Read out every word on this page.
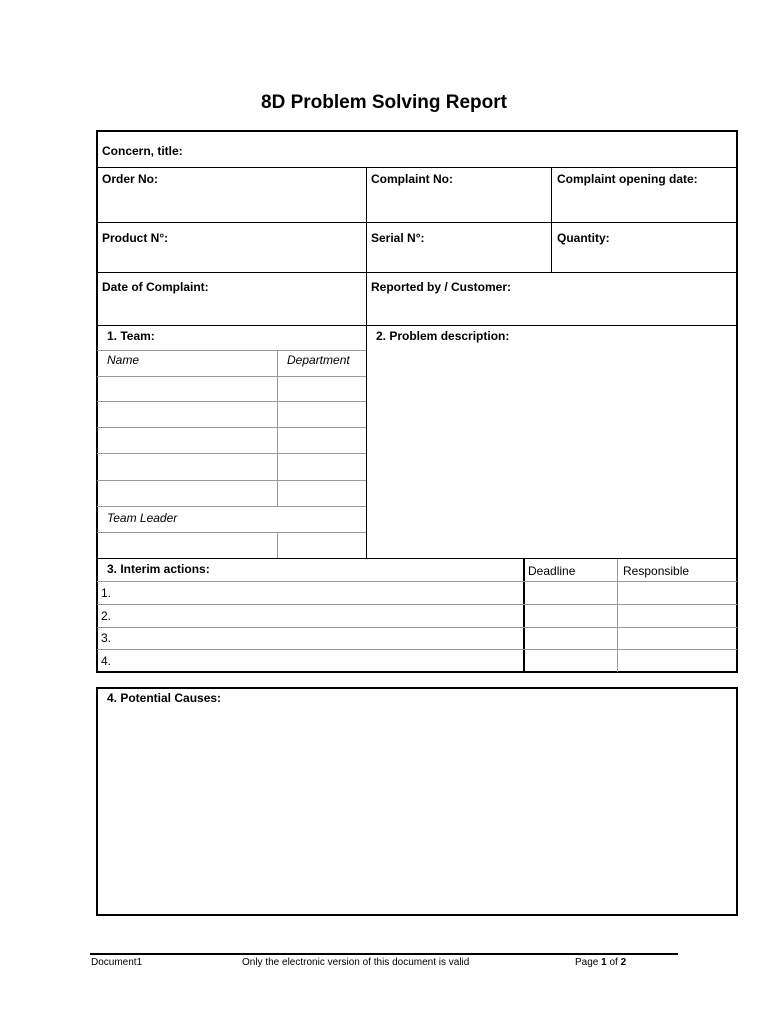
8D Problem Solving Report
Concern, title:
Order No:	Complaint No:	Complaint opening date:
Product N°:	Serial N°:	Quantity:
Date of Complaint:	Reported by / Customer:
1. Team:	2. Problem description:
Name	Department
Team Leader
3. Interim actions:	Deadline	Responsible
1.
2.
3.
4.
4. Potential Causes:
Document1	Only the electronic version of this document is valid	Page 1 of 2
